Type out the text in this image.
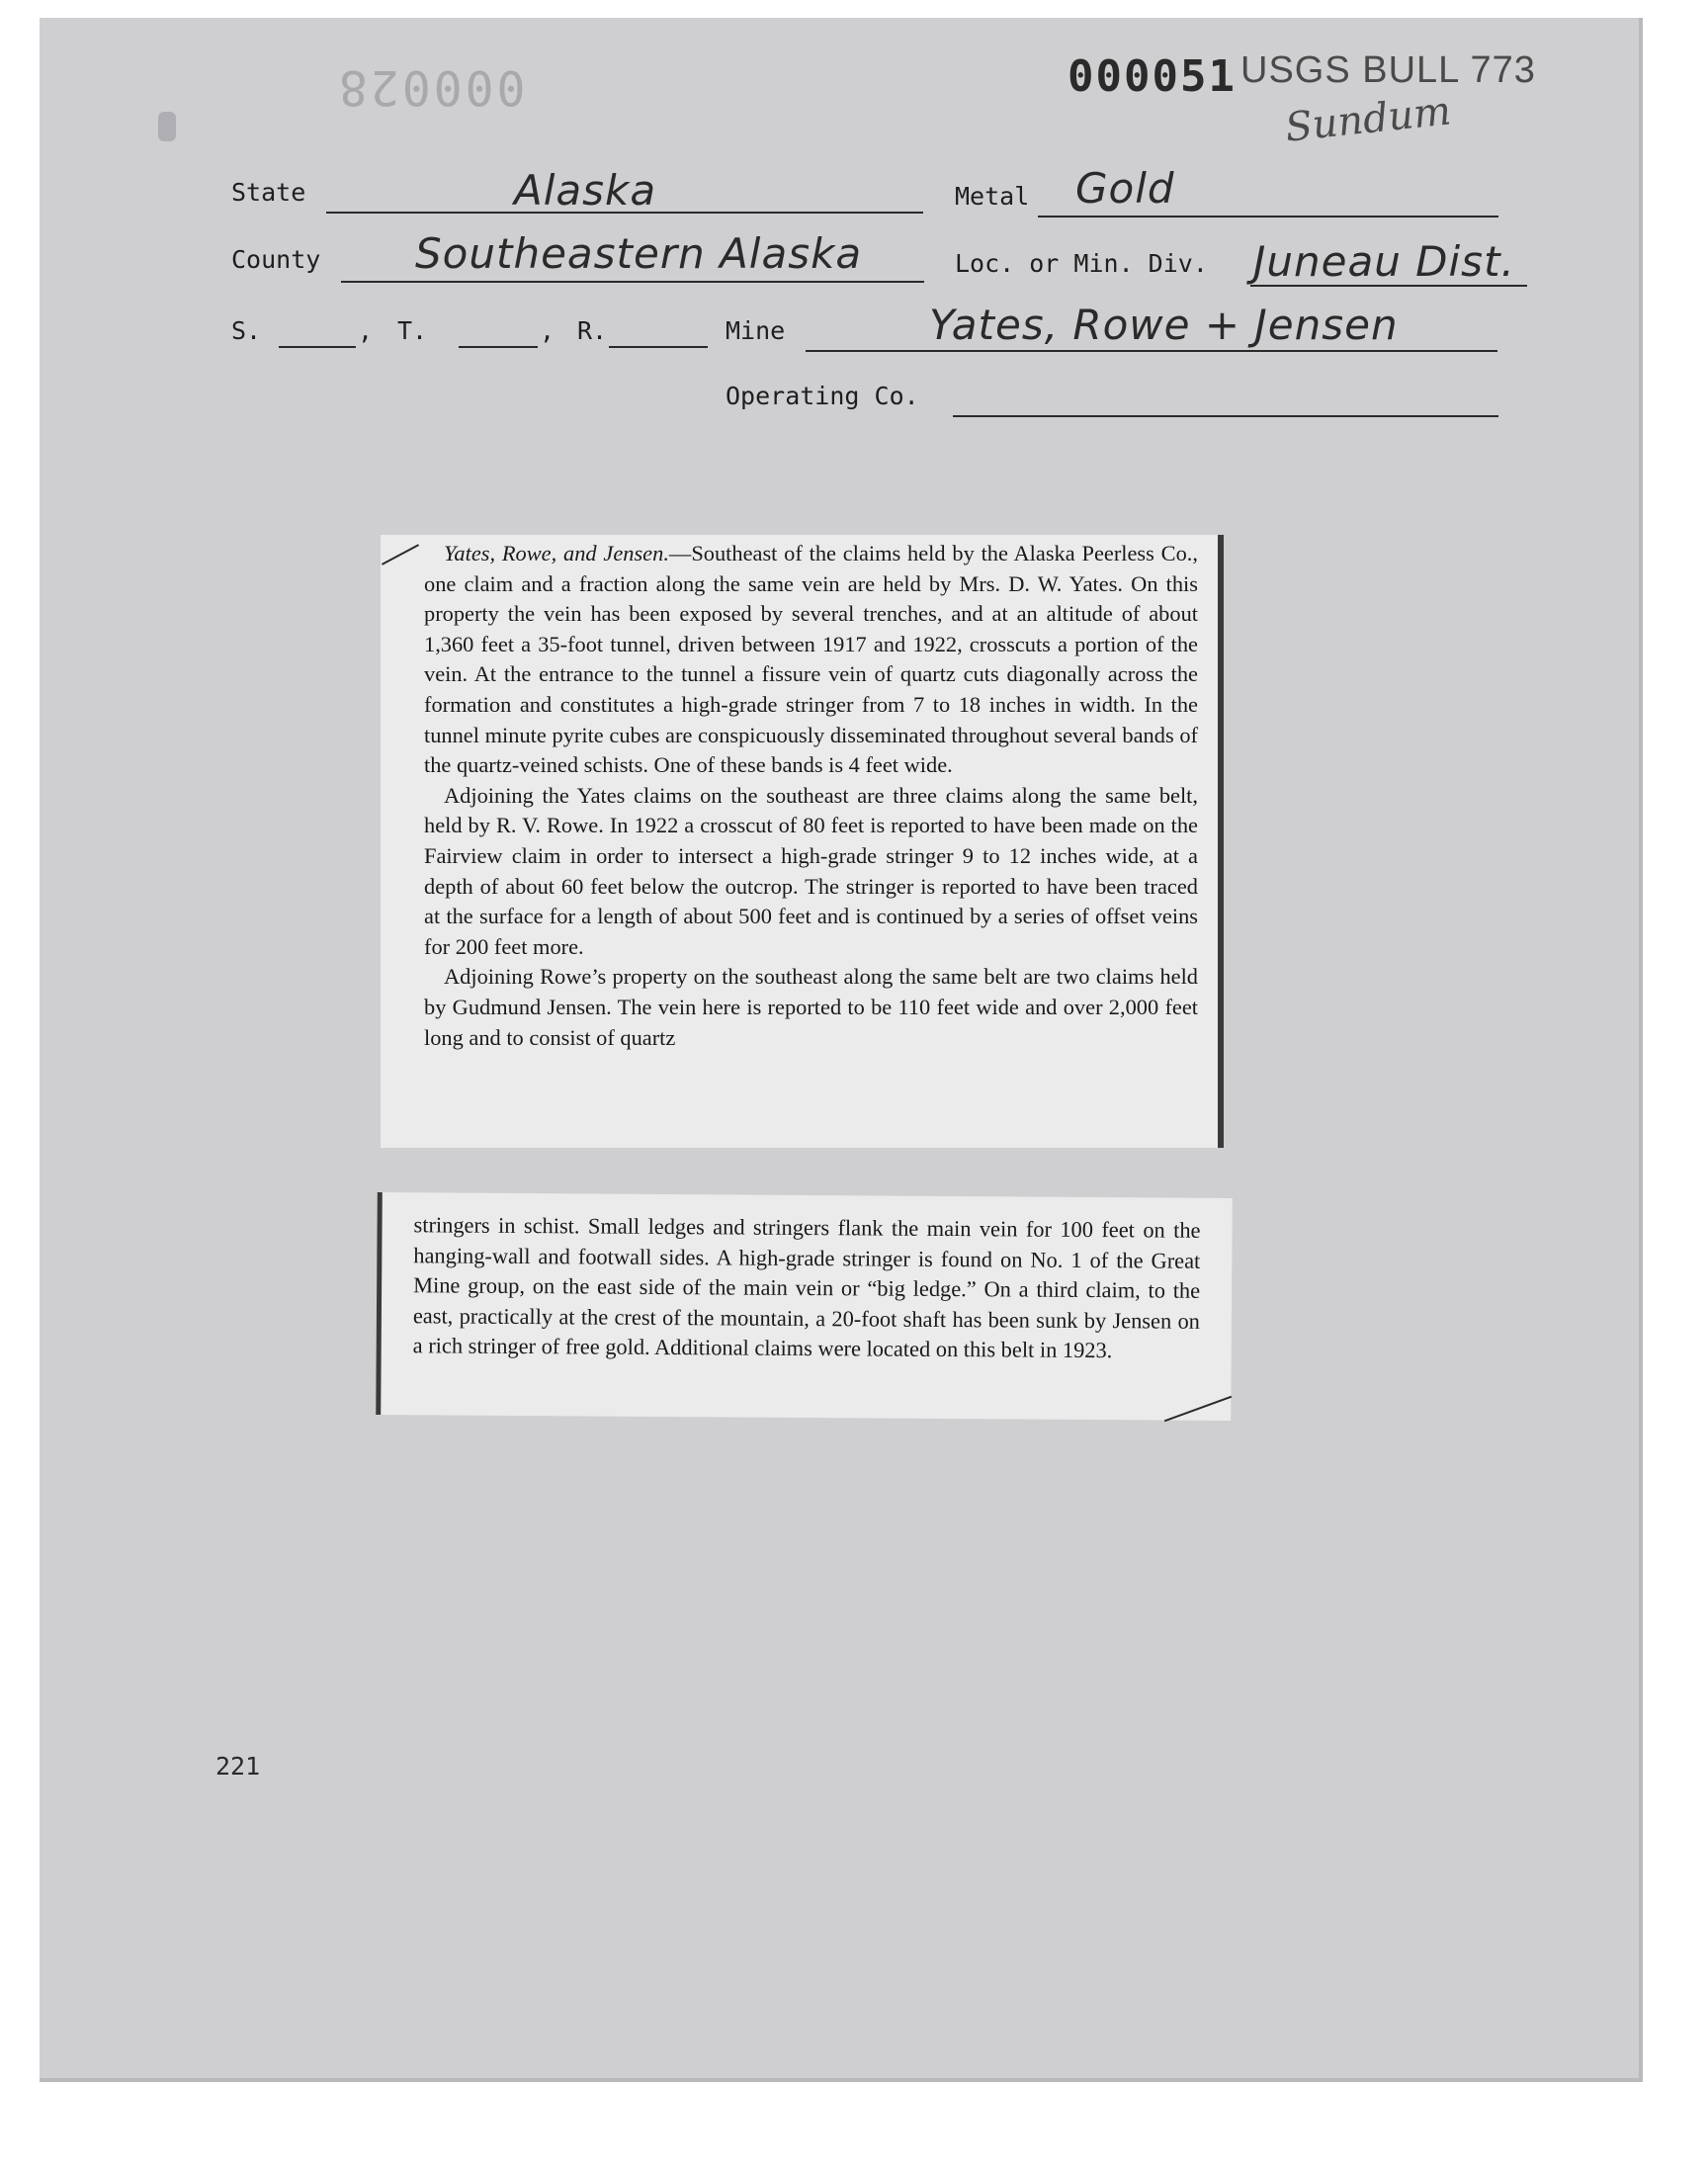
000028	000051 USGS BULL 773
Sundum
State	Alaska	Metal Gold
County Southeastern Alaska	Loc. or Min. Div. Juneau Dist.
S.	, T.	, R.	Mine	Yates, Rowe + Jensen
Operating Co.

Yates, Rowe, and Jensen.—Southeast of the claims held by the Alaska Peerless Co., one claim and a fraction along the same vein are held by Mrs. D. W. Yates. On this property the vein has been exposed by several trenches, and at an altitude of about 1,360 feet a 35-foot tunnel, driven between 1917 and 1922, crosscuts a portion of the vein. At the entrance to the tunnel a fissure vein of quartz cuts diagonally across the formation and constitutes a high-grade stringer from 7 to 18 inches in width. In the tunnel minute pyrite cubes are conspicuously disseminated throughout several bands of the quartz-veined schists. One of these bands is 4 feet wide.

Adjoining the Yates claims on the southeast are three claims along the same belt, held by R. V. Rowe. In 1922 a crosscut of 80 feet is reported to have been made on the Fairview claim in order to intersect a high-grade stringer 9 to 12 inches wide, at a depth of about 60 feet below the outcrop. The stringer is reported to have been traced at the surface for a length of about 500 feet and is continued by a series of offset veins for 200 feet more.

Adjoining Rowe’s property on the southeast along the same belt are two claims held by Gudmund Jensen. The vein here is reported to be 110 feet wide and over 2,000 feet long and to consist of quartz

stringers in schist. Small ledges and stringers flank the main vein for 100 feet on the hanging-wall and footwall sides. A high-grade stringer is found on No. 1 of the Great Mine group, on the east side of the main vein or “big ledge.” On a third claim, to the east, practically at the crest of the mountain, a 20-foot shaft has been sunk by Jensen on a rich stringer of free gold. Additional claims were located on this belt in 1923.

221
